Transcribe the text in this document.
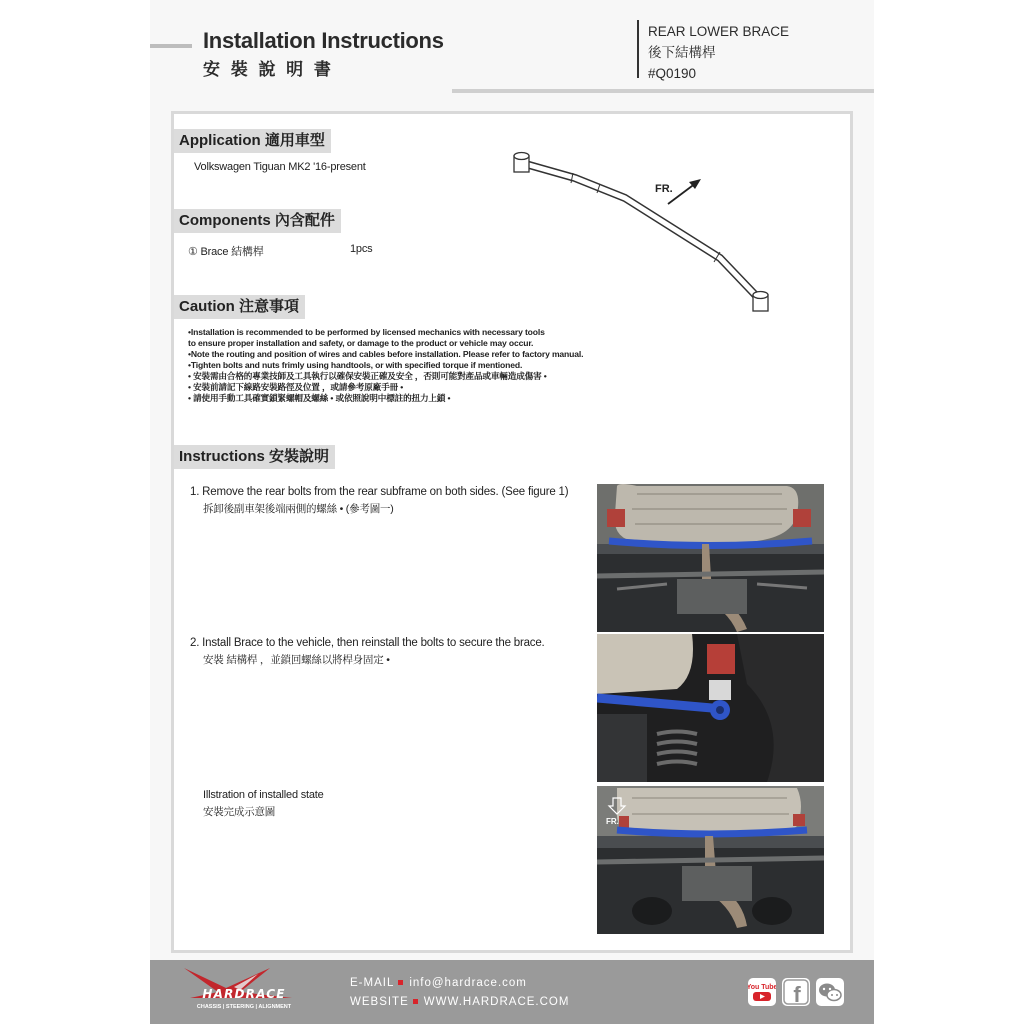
Installation Instructions
安 裝 說 明 書
REAR LOWER BRACE
後下結構桿
#Q0190
Application 適用車型
Volkswagen Tiguan MK2 '16-present
FR.
Components 內含配件
① Brace 結構桿	1pcs
Caution 注意事項
•Installation is recommended to be performed by licensed mechanics with necessary tools
to ensure proper installation and safety, or damage to the product or vehicle may occur.
•Note the routing and position of wires and cables before installation. Please refer to factory manual.
•Tighten bolts and nuts frimly using handtools, or with specified torque if mentioned.
• 安裝需由合格的專業技師及工具執行以確保安裝正確及安全 ，否則可能對產品或車輛造成傷害 •
• 安裝前請記下線路安裝路徑及位置 ，或請參考原廠手冊 •
• 請使用手動工具確實鎖緊螺帽及螺絲 • 或依照說明中標註的扭力上鎖 •
Instructions 安裝說明
1. Remove the rear bolts from the rear subframe on both sides. (See figure 1)
拆卸後副車架後端兩側的螺絲 • (參考圖一)
2. Install Brace to the vehicle, then reinstall the bolts to secure the brace.
安裝 結構桿 ，並鎖回螺絲以將桿身固定 •
Illstration of installed state
安裝完成示意圖
FR.
HARDRACE
CHASSIS | STEERING | ALIGNMENT
E-MAIL info@hardrace.com
WEBSITE WWW.HARDRACE.COM
You Tube f
